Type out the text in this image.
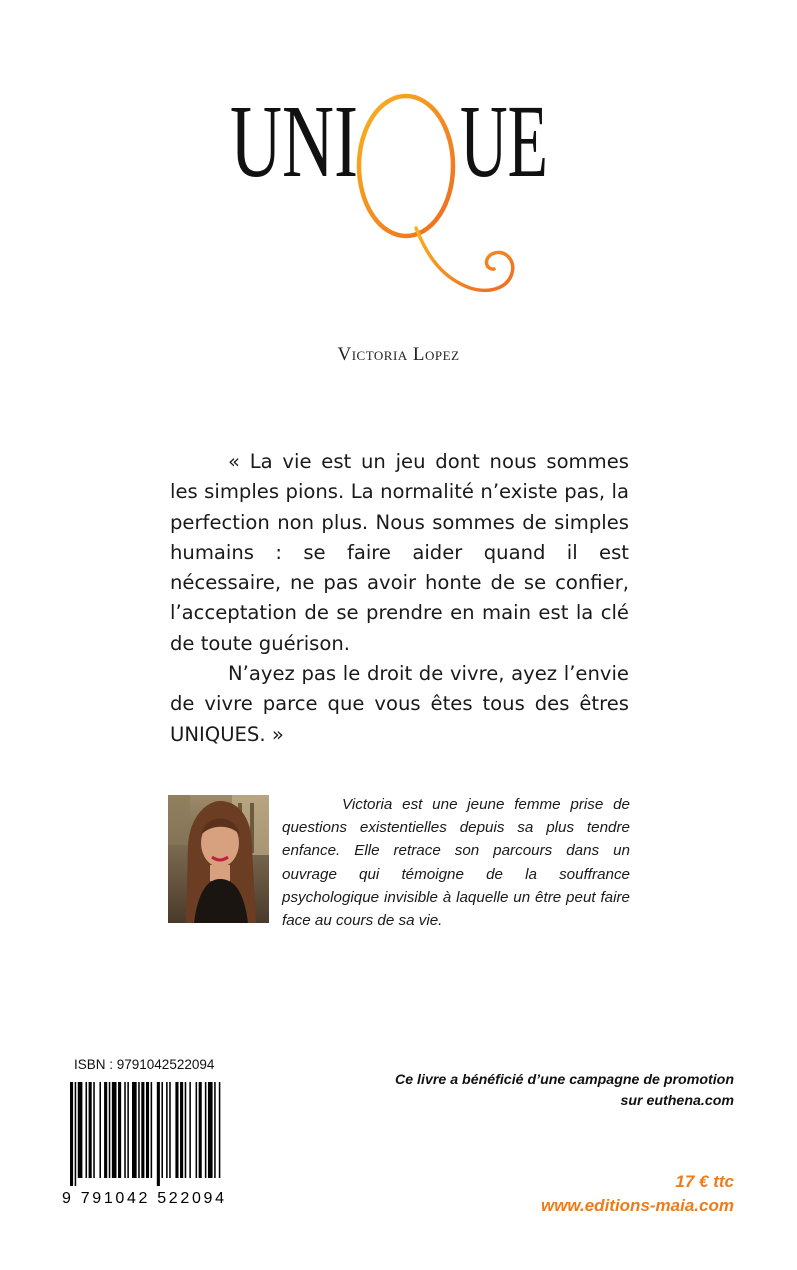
UNI UE
Victoria Lopez

« La vie est un jeu dont nous sommes les simples pions. La normalité n’existe pas, la perfection non plus. Nous sommes de simples humains : se faire aider quand il est nécessaire, ne pas avoir honte de se confier, l’acceptation de se prendre en main est la clé de toute guérison.

N’ayez pas le droit de vivre, ayez l’envie de vivre parce que vous êtes tous des êtres UNIQUES. »

Victoria est une jeune femme prise de questions existentielles depuis sa plus tendre enfance. Elle retrace son parcours dans un ouvrage qui témoigne de la souffrance psychologique invisible à laquelle un être peut faire face au cours de sa vie.

ISBN : 9791042522094
9 791042 522094
Ce livre a bénéficié d’une campagne de promotion
sur euthena.com
17 € ttc
www.editions-maia.com
